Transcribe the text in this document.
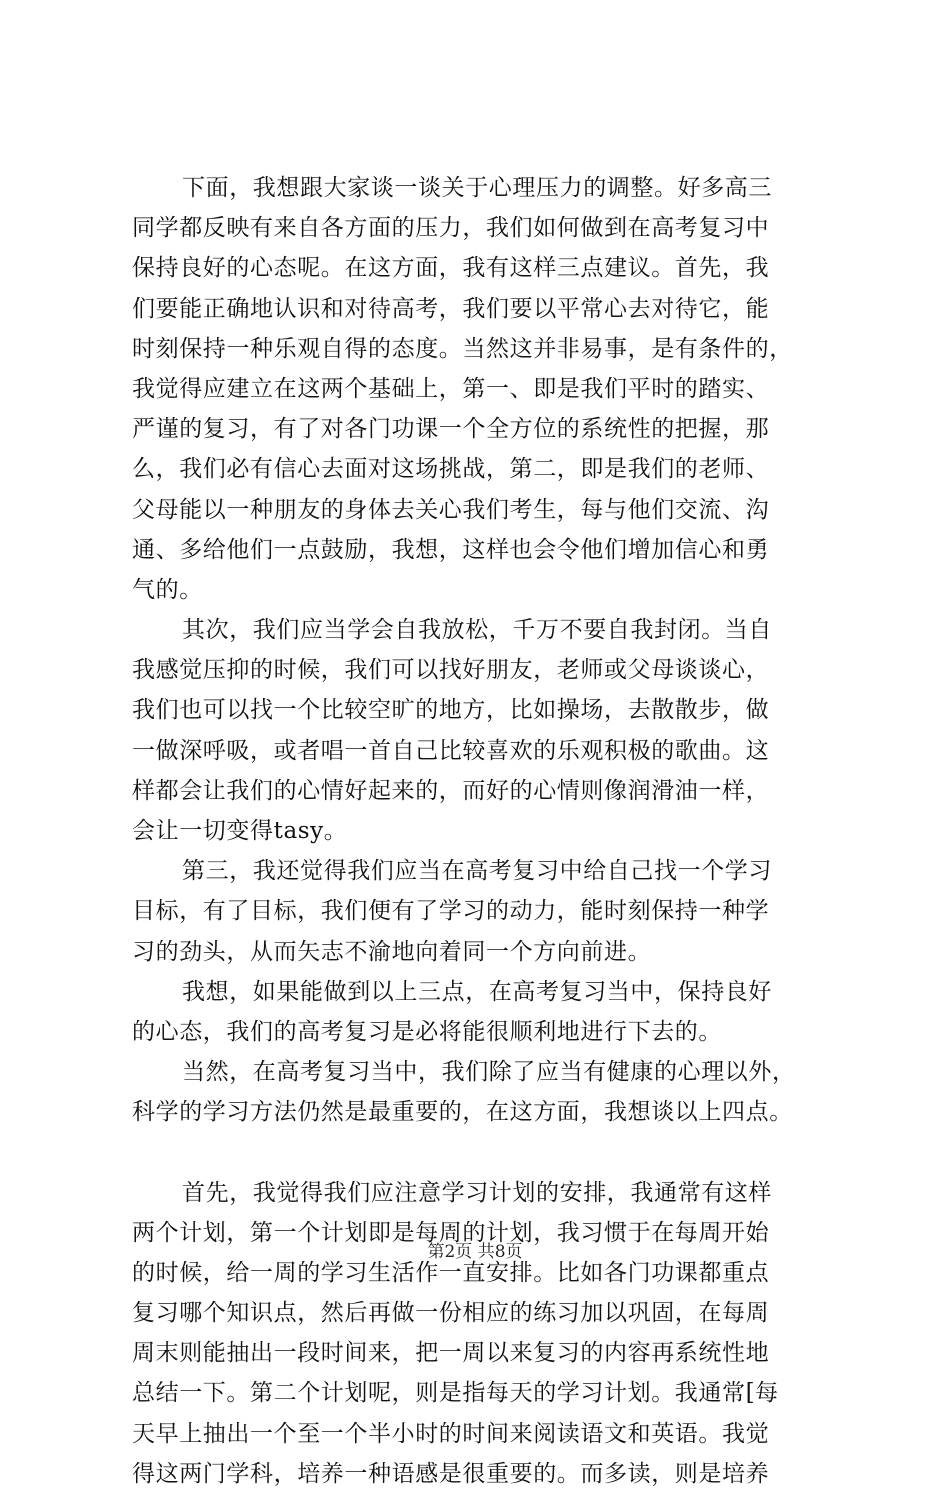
下面，我想跟大家谈一谈关于心理压力的调整。好多高三
同学都反映有来自各方面的压力，我们如何做到在高考复习中
保持良好的心态呢。在这方面，我有这样三点建议。首先，我
们要能正确地认识和对待高考，我们要以平常心去对待它，能
时刻保持一种乐观自得的态度。当然这并非易事，是有条件的，
我觉得应建立在这两个基础上，第一、即是我们平时的踏实、
严谨的复习，有了对各门功课一个全方位的系统性的把握，那
么，我们必有信心去面对这场挑战，第二，即是我们的老师、
父母能以一种朋友的身体去关心我们考生，每与他们交流、沟
通、多给他们一点鼓励，我想，这样也会令他们增加信心和勇
气的。
其次，我们应当学会自我放松，千万不要自我封闭。当自
我感觉压抑的时候，我们可以找好朋友，老师或父母谈谈心，
我们也可以找一个比较空旷的地方，比如操场，去散散步，做
一做深呼吸，或者唱一首自己比较喜欢的乐观积极的歌曲。这
样都会让我们的心情好起来的，而好的心情则像润滑油一样，
会让一切变得tasy。
第三，我还觉得我们应当在高考复习中给自己找一个学习
目标，有了目标，我们便有了学习的动力，能时刻保持一种学
习的劲头，从而矢志不渝地向着同一个方向前进。
我想，如果能做到以上三点，在高考复习当中，保持良好
的心态，我们的高考复习是必将能很顺利地进行下去的。
当然，在高考复习当中，我们除了应当有健康的心理以外，
科学的学习方法仍然是最重要的，在这方面，我想谈以上四点。
首先，我觉得我们应注意学习计划的安排，我通常有这样
两个计划，第一个计划即是每周的计划，我习惯于在每周开始
的时候，给一周的学习生活作一直安排。比如各门功课都重点
复习哪个知识点，然后再做一份相应的练习加以巩固，在每周
周末则能抽出一段时间来，把一周以来复习的内容再系统性地
总结一下。第二个计划呢，则是指每天的学习计划。我通常[每
天早上抽出一个至一个半小时的时间来阅读语文和英语。我觉
得这两门学科，培养一种语感是很重要的。而多读，则是培养
第2页 共8页
